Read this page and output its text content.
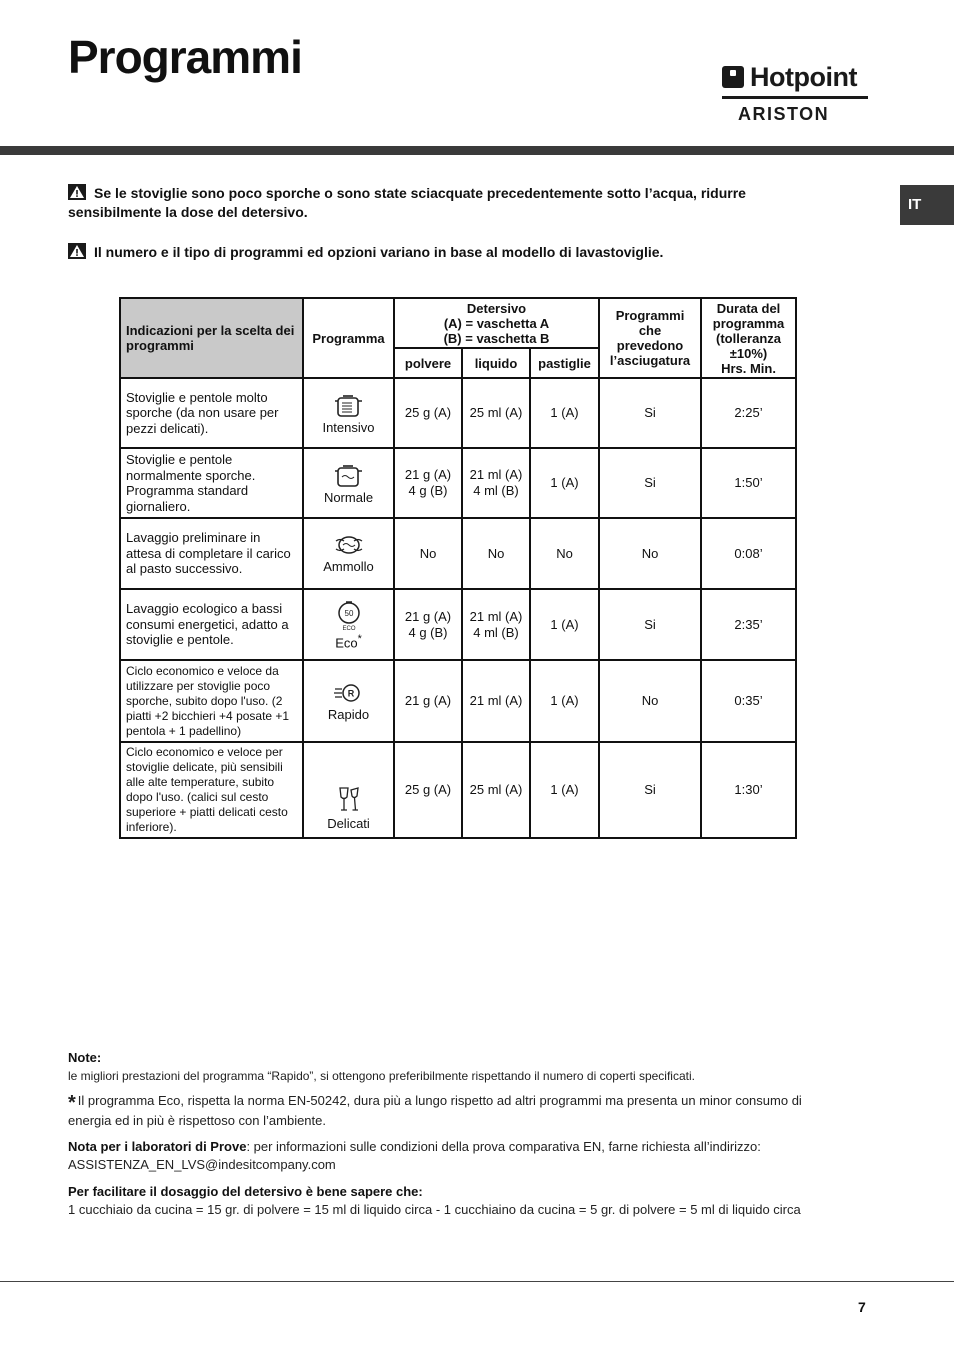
Programmi	Hotpoint
ARISTON
IT

Se le stoviglie sono poco sporche o sono state sciacquate precedentemente sotto l’acqua, ridurre sensibilmente la dose del detersivo.

Il numero e il tipo di programmi ed opzioni variano in base al modello di lavastoviglie.

Indicazioni per la scelta dei programmi	Programma	Detersivo
(A) = vaschetta A
(B) = vaschetta B			Programmi
che
prevedono
l’asciugatura	Durata del
programma
(tolleranza
±10%)
Hrs. Min.
		polvere	liquido	pastiglie		
Stoviglie e pentole molto sporche (da non usare per pezzi delicati).	Intensivo	25 g (A)	25 ml (A)	1 (A)	Si	2:25’
Stoviglie e pentole normalmente sporche. Programma standard giornaliero.	Normale	21 g (A)
4 g (B)	21 ml (A)
4 ml (B)	1 (A)	Si	1:50’
Lavaggio preliminare in attesa di completare il carico al pasto successivo.	Ammollo	No	No	No	No	0:08’
Lavaggio ecologico a bassi consumi energetici, adatto a stoviglie e pentole.	50
ECO
Eco*	21 g (A)
4 g (B)	21 ml (A)
4 ml (B)	1 (A)	Si	2:35’
Ciclo economico e veloce da utilizzare per stoviglie poco sporche, subito dopo l'uso. (2 piatti +2 bicchieri +4 posate +1 pentola + 1 padellino)	R
Rapido	21 g (A)	21 ml (A)	1 (A)	No	0:35’
Ciclo economico e veloce per stoviglie delicate, più sensibili alle alte temperature, subito dopo l'uso. (calici sul cesto superiore + piatti delicati cesto inferiore).	Delicati	25 g (A)	25 ml (A)	1 (A)	Si	1:30’

Note:

le migliori prestazioni del programma “Rapido”, si ottengono preferibilmente rispettando il numero di coperti specificati.

* Il programma Eco, rispetta la norma EN-50242, dura più a lungo rispetto ad altri programmi ma presenta un minor consumo di energia ed in più è rispettoso con l’ambiente.

Nota per i laboratori di Prove: per informazioni sulle condizioni della prova comparativa EN, farne richiesta all’indirizzo:

ASSISTENZA_EN_LVS@indesitcompany.com

Per facilitare il dosaggio del detersivo è bene sapere che:

1 cucchiaio da cucina = 15 gr. di polvere = 15 ml di liquido circa - 1 cucchiaino da cucina = 5 gr. di polvere = 5 ml di liquido circa

7
